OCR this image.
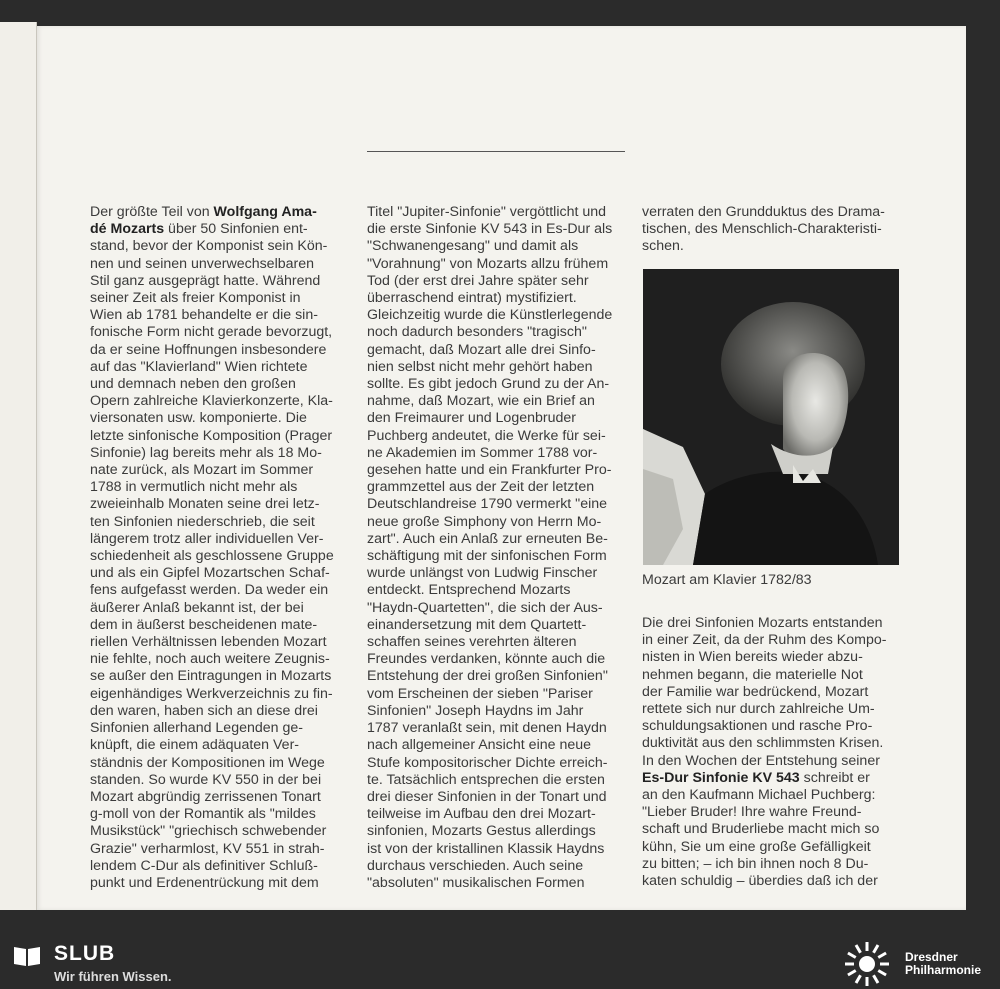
Der größte Teil von Wolfgang Ama-

dé Mozarts über 50 Sinfonien ent-

stand, bevor der Komponist sein Kön-

nen und seinen unverwechselbaren

Stil ganz ausgeprägt hatte. Während

seiner Zeit als freier Komponist in

Wien ab 1781 behandelte er die sin-

fonische Form nicht gerade bevorzugt,

da er seine Hoffnungen insbesondere

auf das "Klavierland" Wien richtete

und demnach neben den großen

Opern zahlreiche Klavierkonzerte, Kla-

viersonaten usw. komponierte. Die

letzte sinfonische Komposition (Prager

Sinfonie) lag bereits mehr als 18 Mo-

nate zurück, als Mozart im Sommer

1788 in vermutlich nicht mehr als

zweieinhalb Monaten seine drei letz-

ten Sinfonien niederschrieb, die seit

längerem trotz aller individuellen Ver-

schiedenheit als geschlossene Gruppe

und als ein Gipfel Mozartschen Schaf-

fens aufgefasst werden. Da weder ein

äußerer Anlaß bekannt ist, der bei

dem in äußerst bescheidenen mate-

riellen Verhältnissen lebenden Mozart

nie fehlte, noch auch weitere Zeugnis-

se außer den Eintragungen in Mozarts

eigenhändiges Werkverzeichnis zu fin-

den waren, haben sich an diese drei

Sinfonien allerhand Legenden ge-

knüpft, die einem adäquaten Ver-

ständnis der Kompositionen im Wege

standen. So wurde KV 550 in der bei

Mozart abgründig zerrissenen Tonart

g-moll von der Romantik als "mildes

Musikstück" "griechisch schwebender

Grazie" verharmlost, KV 551 in strah-

lendem C-Dur als definitiver Schluß-

punkt und Erdenentrückung mit dem

Titel "Jupiter-Sinfonie" vergöttlicht und

die erste Sinfonie KV 543 in Es-Dur als

"Schwanengesang" und damit als

"Vorahnung" von Mozarts allzu frühem

Tod (der erst drei Jahre später sehr

überraschend eintrat) mystifiziert.

Gleichzeitig wurde die Künstlerlegende

noch dadurch besonders "tragisch"

gemacht, daß Mozart alle drei Sinfo-

nien selbst nicht mehr gehört haben

sollte. Es gibt jedoch Grund zu der An-

nahme, daß Mozart, wie ein Brief an

den Freimaurer und Logenbruder

Puchberg andeutet, die Werke für sei-

ne Akademien im Sommer 1788 vor-

gesehen hatte und ein Frankfurter Pro-

grammzettel aus der Zeit der letzten

Deutschlandreise 1790 vermerkt "eine

neue große Simphony von Herrn Mo-

zart". Auch ein Anlaß zur erneuten Be-

schäftigung mit der sinfonischen Form

wurde unlängst von Ludwig Finscher

entdeckt. Entsprechend Mozarts

"Haydn-Quartetten", die sich der Aus-

einandersetzung mit dem Quartett-

schaffen seines verehrten älteren

Freundes verdanken, könnte auch die

Entstehung der drei großen Sinfonien"

vom Erscheinen der sieben "Pariser

Sinfonien" Joseph Haydns im Jahr

1787 veranlaßt sein, mit denen Haydn

nach allgemeiner Ansicht eine neue

Stufe kompositorischer Dichte erreich-

te. Tatsächlich entsprechen die ersten

drei dieser Sinfonien in der Tonart und

teilweise im Aufbau den drei Mozart-

sinfonien, Mozarts Gestus allerdings

ist von der kristallinen Klassik Haydns

durchaus verschieden. Auch seine

"absoluten" musikalischen Formen

verraten den Grundduktus des Drama-

tischen, des Menschlich-Charakteristi-

schen.

Mozart am Klavier 1782/83

Die drei Sinfonien Mozarts entstanden

in einer Zeit, da der Ruhm des Kompo-

nisten in Wien bereits wieder abzu-

nehmen begann, die materielle Not

der Familie war bedrückend, Mozart

rettete sich nur durch zahlreiche Um-

schuldungsaktionen und rasche Pro-

duktivität aus den schlimmsten Krisen.

In den Wochen der Entstehung seiner

Es-Dur Sinfonie KV 543 schreibt er

an den Kaufmann Michael Puchberg:

"Lieber Bruder! Ihre wahre Freund-

schaft und Bruderliebe macht mich so

kühn, Sie um eine große Gefälligkeit

zu bitten; – ich bin ihnen noch 8 Du-

katen schuldig – überdies daß ich der

SLUB
Wir führen Wissen.
Dresdner
Philharmonie
